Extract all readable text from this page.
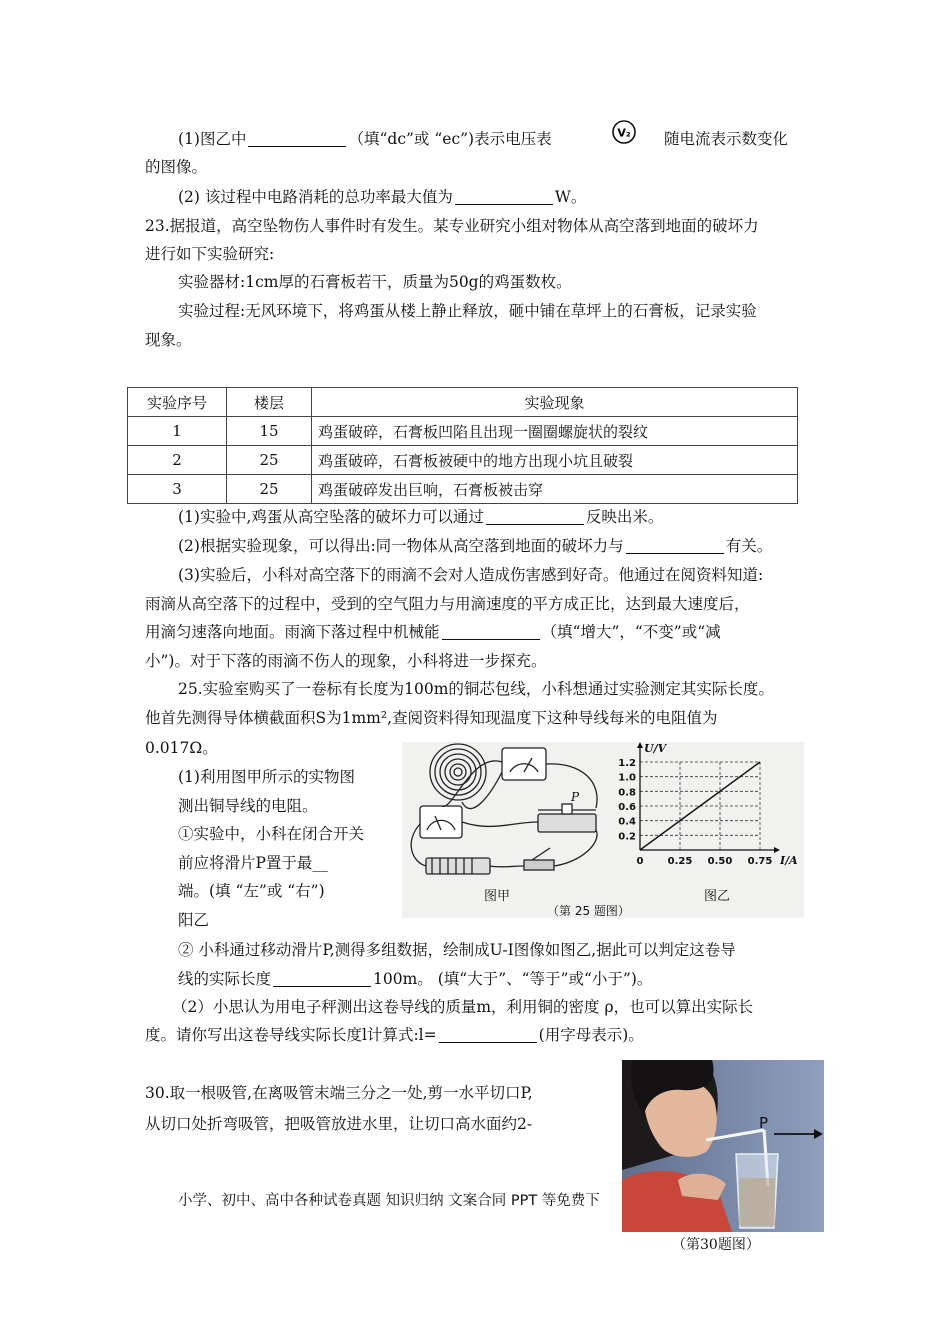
(1)图乙中	（填“dc”或 “ec”)表示电压表	V₂ 随电流表示数变化
的图像。
(2) 该过程中电路消耗的总功率最大值为	W。
23.据报道，高空坠物伤人事件时有发生。某专业研究小组对物体从高空落到地面的破坏力
进行如下实验研究:
实验器材:1cm厚的石膏板若干，质量为50g的鸡蛋数枚。
实验过程:无风环境下，将鸡蛋从楼上静止释放，砸中铺在草坪上的石膏板，记录实验
现象。
实验序号	楼层	实验现象
1	15	鸡蛋破碎，石膏板凹陷且出现一圈圈螺旋状的裂纹
2	25	鸡蛋破碎，石膏板被硬中的地方出现小坑且破裂
3	25	鸡蛋破碎发出巨响，石膏板被击穿
(1)实验中,鸡蛋从高空坠落的破坏力可以通过	反映出米。
(2)根据实验现象，可以得出:同一物体从高空落到地面的破坏力与	有关。
(3)实验后，小科对高空落下的雨滴不会对人造成伤害感到好奇。他通过在阅资料知道:
雨滴从高空落下的过程中，受到的空气阻力与用滴速度的平方成正比，达到最大速度后，
用滴匀速落向地面。雨滴下落过程中机械能	（填“增大”，“不变”或“减
小”)。对于下落的雨滴不伤人的现象，小科将进一步探充。
25.实验室购买了一卷标有长度为100m的铜芯包线，小科想通过实验测定其实际长度。
他首先测得导体横截面积S为1mm²,查阅资料得知现温度下这种导线每米的电阻值为
0.017Ω。
(1)利用图甲所示的实物图
测出铜导线的电阻。
①实验中，小科在闭合开关
前应将滑片P置于最__
端。(填 “左”或 “右”)
阳乙
P
图甲
0.2
0.4
0.6
0.8
1.0
1.2
0 0.25 0.50 0.75
U/V
I/A
图乙
（第 25 题图）
② 小科通过移动滑片P,测得多组数据，绘制成U-I图像如图乙,据此可以判定这卷导
线的实际长度	100m。 (填“大于”、“等于”或“小于”)。
（2）小思认为用电子秤测出这卷导线的质量m，利用铜的密度 ρ，也可以算出实际长
度。请你写出这卷导线实际长度l计算式:l=	(用字母表示)。
30.取一根吸管,在离吸管末端三分之一处,剪一水平切口P,
从切口处折弯吸管，把吸管放进水里，让切口高水面约2-	P
（第30题图）
小学、初中、高中各种试卷真题 知识归纳 文案合同 PPT 等免费下
